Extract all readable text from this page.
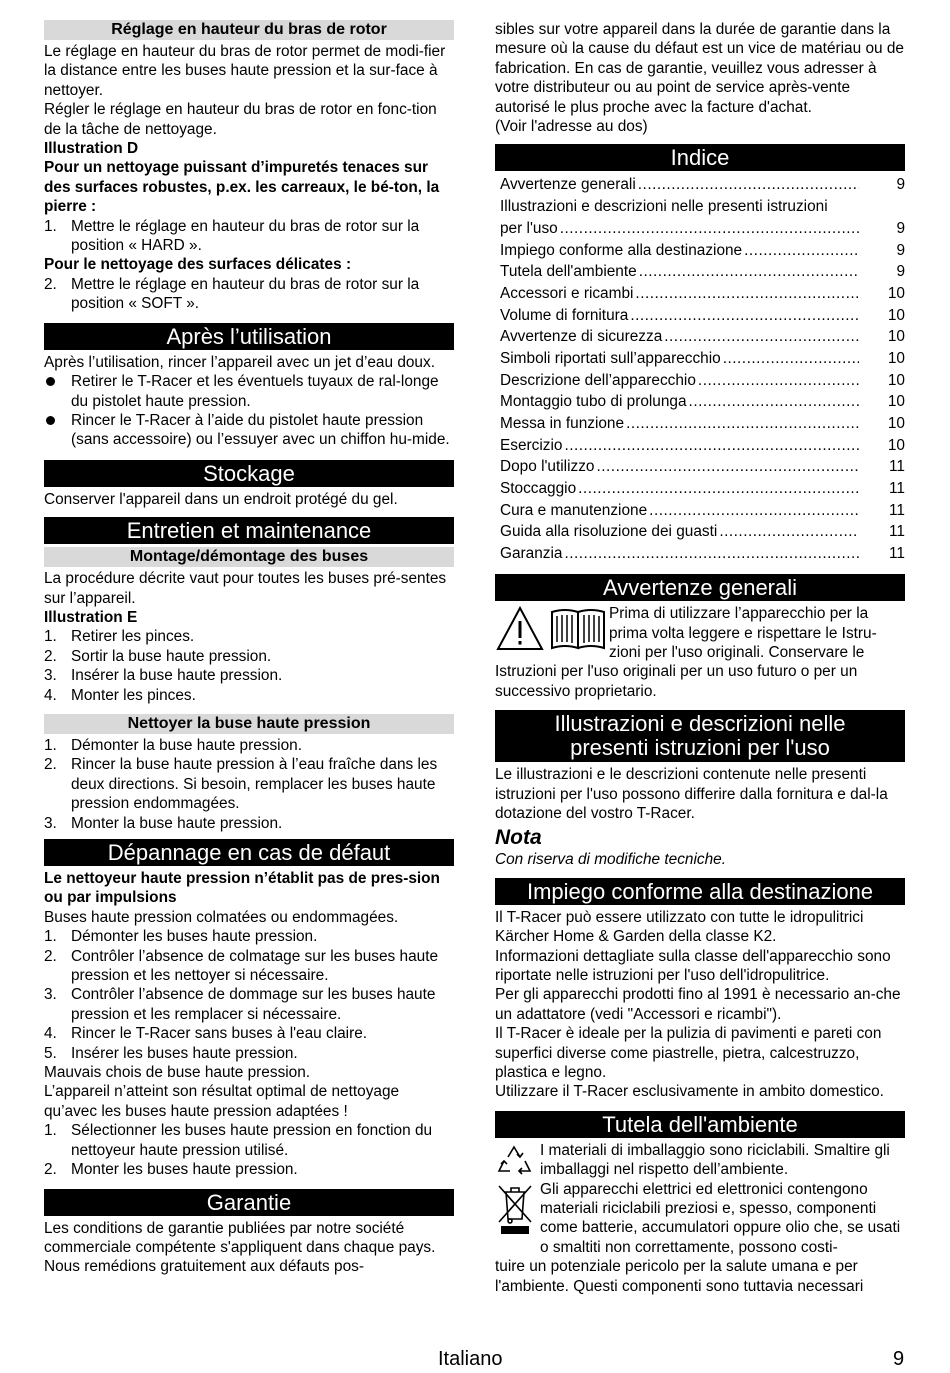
Réglage en hauteur du bras de rotor

Le réglage en hauteur du bras de rotor permet de modi-fier la distance entre les buses haute pression et la sur-face à nettoyer.

Régler le réglage en hauteur du bras de rotor en fonc-tion de la tâche de nettoyage.

Illustration D

Pour un nettoyage puissant d’impuretés tenaces sur des surfaces robustes, p.ex. les carreaux, le bé-ton, la pierre :

1. Mettre le réglage en hauteur du bras de rotor sur la position « HARD ».

Pour le nettoyage des surfaces délicates :

2. Mettre le réglage en hauteur du bras de rotor sur la position « SOFT ».
Après l’utilisation

Après l’utilisation, rincer l’appareil avec un jet d’eau doux.

Retirer le T-Racer et les éventuels tuyaux de ral-longe du pistolet haute pression.
Rincer le T-Racer à l’aide du pistolet haute pression (sans accessoire) ou l’essuyer avec un chiffon hu-mide.
Stockage

Conserver l'appareil dans un endroit protégé du gel.

Entretien et maintenance
Montage/démontage des buses

La procédure décrite vaut pour toutes les buses pré-sentes sur l’appareil.

Illustration E

1. Retirer les pinces.
2. Sortir la buse haute pression.
3. Insérer la buse haute pression.
4. Monter les pinces.
Nettoyer la buse haute pression
1. Démonter la buse haute pression.
2. Rincer la buse haute pression à l’eau fraîche dans les deux directions. Si besoin, remplacer les buses haute pression endommagées.
3. Monter la buse haute pression.
Dépannage en cas de défaut

Le nettoyeur haute pression n’établit pas de pres-sion ou par impulsions

Buses haute pression colmatées ou endommagées.

1. Démonter les buses haute pression.
2. Contrôler l’absence de colmatage sur les buses haute pression et les nettoyer si nécessaire.
3. Contrôler l’absence de dommage sur les buses haute pression et les remplacer si nécessaire.
4. Rincer le T-Racer sans buses à l'eau claire.
5. Insérer les buses haute pression.

Mauvais chois de buse haute pression.

L’appareil n’atteint son résultat optimal de nettoyage qu’avec les buses haute pression adaptées !

1. Sélectionner les buses haute pression en fonction du nettoyeur haute pression utilisé.
2. Monter les buses haute pression.
Garantie

Les conditions de garantie publiées par notre société commerciale compétente s'appliquent dans chaque pays. Nous remédions gratuitement aux défauts pos-

sibles sur votre appareil dans la durée de garantie dans la mesure où la cause du défaut est un vice de matériau ou de fabrication. En cas de garantie, veuillez vous adresser à votre distributeur ou au point de service après-vente autorisé le plus proche avec la facture d'achat.

(Voir l'adresse au dos)

Indice
Avvertenze generali .....	9
Illustrazioni e descrizioni nelle presenti istruzioni
per l'uso .....	9
Impiego conforme alla destinazione .....	9
Tutela dell'ambiente .....	9
Accessori e ricambi .....	10
Volume di fornitura .....	10
Avvertenze di sicurezza .....	10
Simboli riportati sull’apparecchio .....	10
Descrizione dell’apparecchio .....	10
Montaggio tubo di prolunga .....	10
Messa in funzione .....	10
Esercizio .....	10
Dopo l'utilizzo .....	11
Stoccaggio .....	11
Cura e manutenzione .....	11
Guida alla risoluzione dei guasti .....	11
Garanzia .....	11
Avvertenze generali

Prima di utilizzare l’apparecchio per la prima volta leggere e rispettare le Istru-zioni per l'uso originali. Conservare le

Istruzioni per l'uso originali per un uso futuro o per un successivo proprietario.

Illustrazioni e descrizioni nelle
presenti istruzioni per l'uso

Le illustrazioni e le descrizioni contenute nelle presenti istruzioni per l'uso possono differire dalla fornitura e dal-la dotazione del vostro T-Racer.

Nota

Con riserva di modifiche tecniche.

Impiego conforme alla destinazione

Il T-Racer può essere utilizzato con tutte le idropulitrici Kärcher Home & Garden della classe K2.

Informazioni dettagliate sulla classe dell'apparecchio sono riportate nelle istruzioni per l'uso dell'idropulitrice.

Per gli apparecchi prodotti fino al 1991 è necessario an-che un adattatore (vedi "Accessori e ricambi").

Il T-Racer è ideale per la pulizia di pavimenti e pareti con superfici diverse come piastrelle, pietra, calcestruzzo, plastica e legno.

Utilizzare il T-Racer esclusivamente in ambito domestico.

Tutela dell'ambiente

I materiali di imballaggio sono riciclabili. Smaltire gli imballaggi nel rispetto dell’ambiente.

Gli apparecchi elettrici ed elettronici contengono materiali riciclabili preziosi e, spesso, componenti come batterie, accumulatori oppure olio che, se usati o smaltiti non correttamente, possono costi-

tuire un potenziale pericolo per la salute umana e per l'ambiente. Questi componenti sono tuttavia necessari

Italiano	9
